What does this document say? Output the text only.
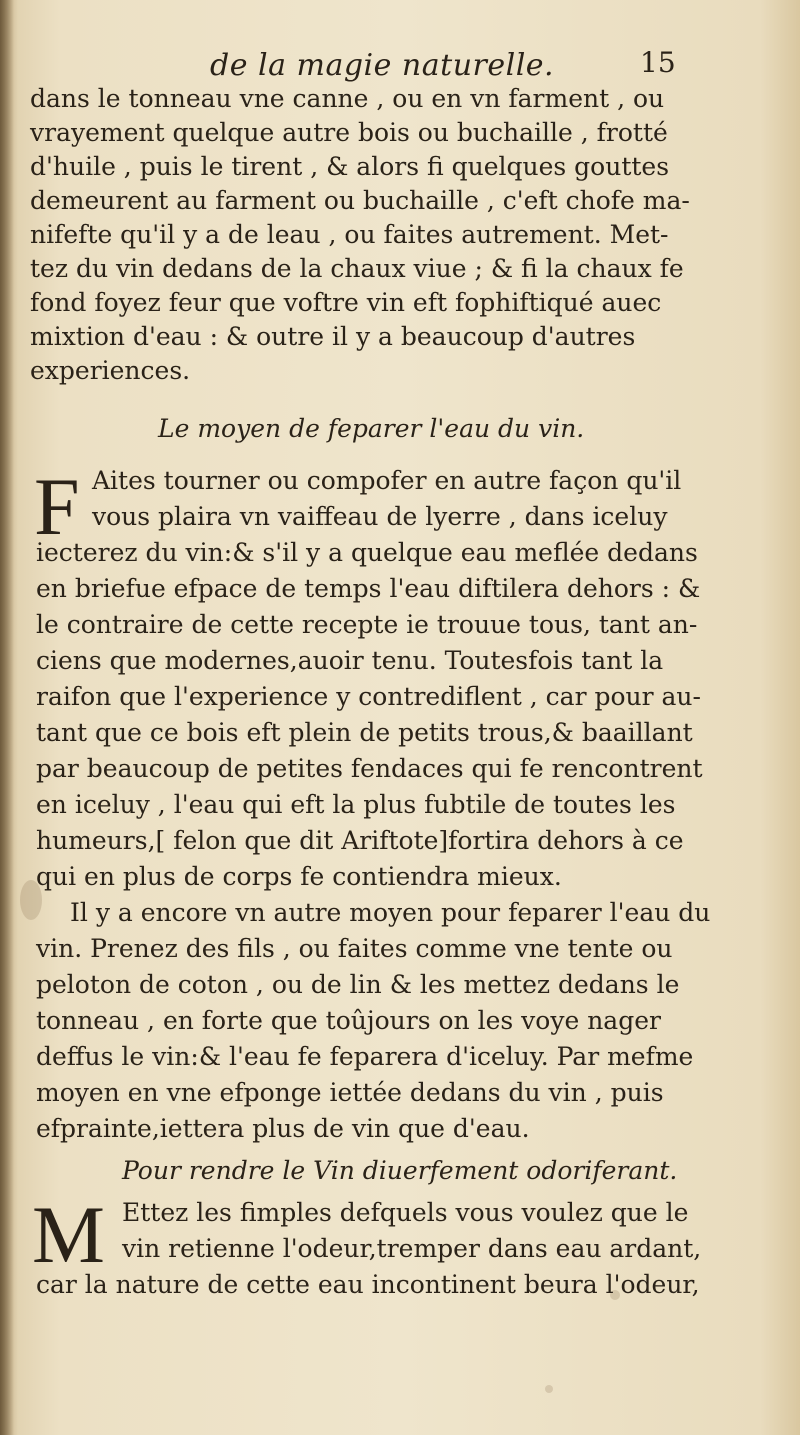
de la magie naturelle.	15
dans le tonneau vne canne , ou en vn farment , ou
vrayement quelque autre bois ou buchaille , frotté
d'huile , puis le tirent , & alors fi quelques gouttes
demeurent au farment ou buchaille , c'eft chofe ma-
nifefte qu'il y a de leau , ou faites autrement. Met-
tez du vin dedans de la chaux viue ; & fi la chaux fe
fond foyez feur que voftre vin eft fophiftiqué auec
mixtion d'eau : & outre il y a beaucoup d'autres
experiences.
Le moyen de feparer l'eau du vin.
F Aites tourner ou compofer en autre façon qu'il
vous plaira vn vaiffeau de lyerre , dans iceluy
iecterez du vin:& s'il y a quelque eau meflée dedans
en briefue efpace de temps l'eau diftilera dehors : &
le contraire de cette recepte ie trouue tous, tant an-
ciens que modernes,auoir tenu. Toutesfois tant la
raifon que l'experience y contrediflent , car pour au-
tant que ce bois eft plein de petits trous,& baaillant
par beaucoup de petites fendaces qui fe rencontrent
en iceluy , l'eau qui eft la plus fubtile de toutes les
humeurs,[ felon que dit Ariftote]fortira dehors à ce
qui en plus de corps fe contiendra mieux.
Il y a encore vn autre moyen pour feparer l'eau du
vin. Prenez des fils , ou faites comme vne tente ou
peloton de coton , ou de lin & les mettez dedans le
tonneau , en forte que toûjours on les voye nager
deffus le vin:& l'eau fe feparera d'iceluy. Par mefme
moyen en vne efponge iettée dedans du vin , puis
efprainte,iettera plus de vin que d'eau.
Pour rendre le Vin diuerfement odoriferant.
M Ettez les fimples defquels vous voulez que le
vin retienne l'odeur,tremper dans eau ardant,
car la nature de cette eau incontinent beura l'odeur,
